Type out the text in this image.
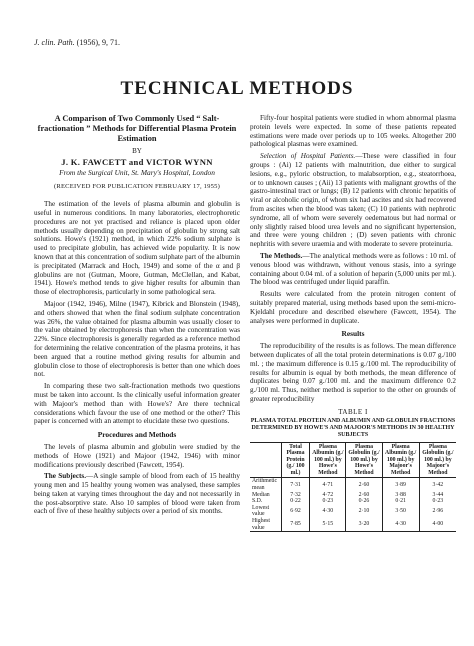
J. clin. Path. (1956), 9, 71.
TECHNICAL METHODS
A Comparison of Two Commonly Used “ Salt-fractionation ” Methods for Differential Plasma Protein Estimation
BY
J. K. FAWCETT and VICTOR WYNN
From the Surgical Unit, St. Mary's Hospital, London
(RECEIVED FOR PUBLICATION FEBRUARY 17, 1955)

The estimation of the levels of plasma albumin and globulin is useful in numerous conditions. In many laboratories, electrophoretic procedures are not yet practised and reliance is placed upon older methods usually depending on precipitation of globulin by strong salt solutions. Howe's (1921) method, in which 22% sodium sulphate is used to precipitate globulin, has achieved wide popularity. It is now known that at this concentration of sodium sulphate part of the albumin is precipitated (Marrack and Hoch, 1949) and some of the α and β globulins are not (Gutman, Moore, Gutman, McClellan, and Kabat, 1941). Howe's method tends to give higher results for albumin than those of electrophoresis, particularly in some pathological sera.

Majoor (1942, 1946), Milne (1947), Kibrick and Blonstein (1948), and others showed that when the final sodium sulphate concentration was 26%, the value obtained for plasma albumin was usually closer to the value obtained by electrophoresis than when the concentration was 22%. Since electrophoresis is generally regarded as a reference method for determining the relative concentration of the plasma proteins, it has been argued that a routine method giving results for albumin and globulin close to those of electrophoresis is better than one which does not.

In comparing these two salt-fractionation methods two questions must be taken into account. Is the clinically useful information greater with Majoor's method than with Howe's? Are there technical considerations which favour the use of one method or the other? This paper is concerned with an attempt to elucidate these two questions.

Procedures and Methods

The levels of plasma albumin and globulin were studied by the methods of Howe (1921) and Majoor (1942, 1946) with minor modifications previously described (Fawcett, 1954).

The Subjects.—A single sample of blood from each of 15 healthy young men and 15 healthy young women was analysed, these samples being taken at varying times throughout the day and not necessarily in the post-absorptive state. Also 10 samples of blood were taken from each of five of these healthy subjects over a period of six months.

Fifty-four hospital patients were studied in whom abnormal plasma protein levels were expected. In some of these patients repeated estimations were made over periods up to 105 weeks. Altogether 200 pathological plasmas were examined.

Selection of Hospital Patients.—These were classified in four groups : (Ai) 12 patients with malnutrition, due either to surgical lesions, e.g., pyloric obstruction, to malabsorption, e.g., steatorrhoea, or to unknown causes ; (Aii) 13 patients with malignant growths of the gastro-intestinal tract or lungs; (B) 12 patients with chronic hepatitis of viral or alcoholic origin, of whom six had ascites and six had recovered from ascites when the blood was taken; (C) 10 patients with nephrotic syndrome, all of whom were severely oedematous but had normal or only slightly raised blood urea levels and no significant hypertension, and three were young children ; (D) seven patients with chronic nephritis with severe uraemia and with moderate to severe proteinuria.

The Methods.—The analytical methods were as follows : 10 ml. of venous blood was withdrawn, without venous stasis, into a syringe containing about 0.04 ml. of a solution of heparin (5,000 units per ml.). The blood was centrifuged under liquid paraffin.

Results were calculated from the protein nitrogen content of suitably prepared material, using methods based upon the semi-micro-Kjeldahl procedure and described elsewhere (Fawcett, 1954). The analyses were performed in duplicate.

Results

The reproducibility of the results is as follows. The mean difference between duplicates of all the total protein determinations is 0.07 g./100 ml. ; the maximum difference is 0.15 g./100 ml. The reproducibility of results for albumin is equal by both methods, the mean difference of duplicates being 0.07 g./100 ml. and the maximum difference 0.2 g./100 ml. Thus, neither method is superior to the other on grounds of greater reproducibility

TABLE I
PLASMA TOTAL PROTEIN AND ALBUMIN AND GLOBULIN FRACTIONS DETERMINED BY HOWE'S AND MAJOOR'S METHODS IN 30 HEALTHY SUBJECTS
	Total Plasma Protein (g./ 100 ml.)	Plasma Albumin (g./ 100 ml.) by Howe's Method	Plasma Globulin (g./ 100 ml.) by Howe's Method	Plasma Albumin (g./ 100 ml.) by Majoor's Method	Plasma Globulin (g./ 100 ml.) by Majoor's Method
Arithmetic mean	7·31	4·71	2·60	3·89	3·42
Median	7·32	4·72	2·60	3·88	3·44
S.D.	0·22	0·23	0·26	0·21	0·23
Lowest value	6·92	4·30	2·10	3·50	2·96
Highest value	7·85	5·15	3·20	4·30	4·00
